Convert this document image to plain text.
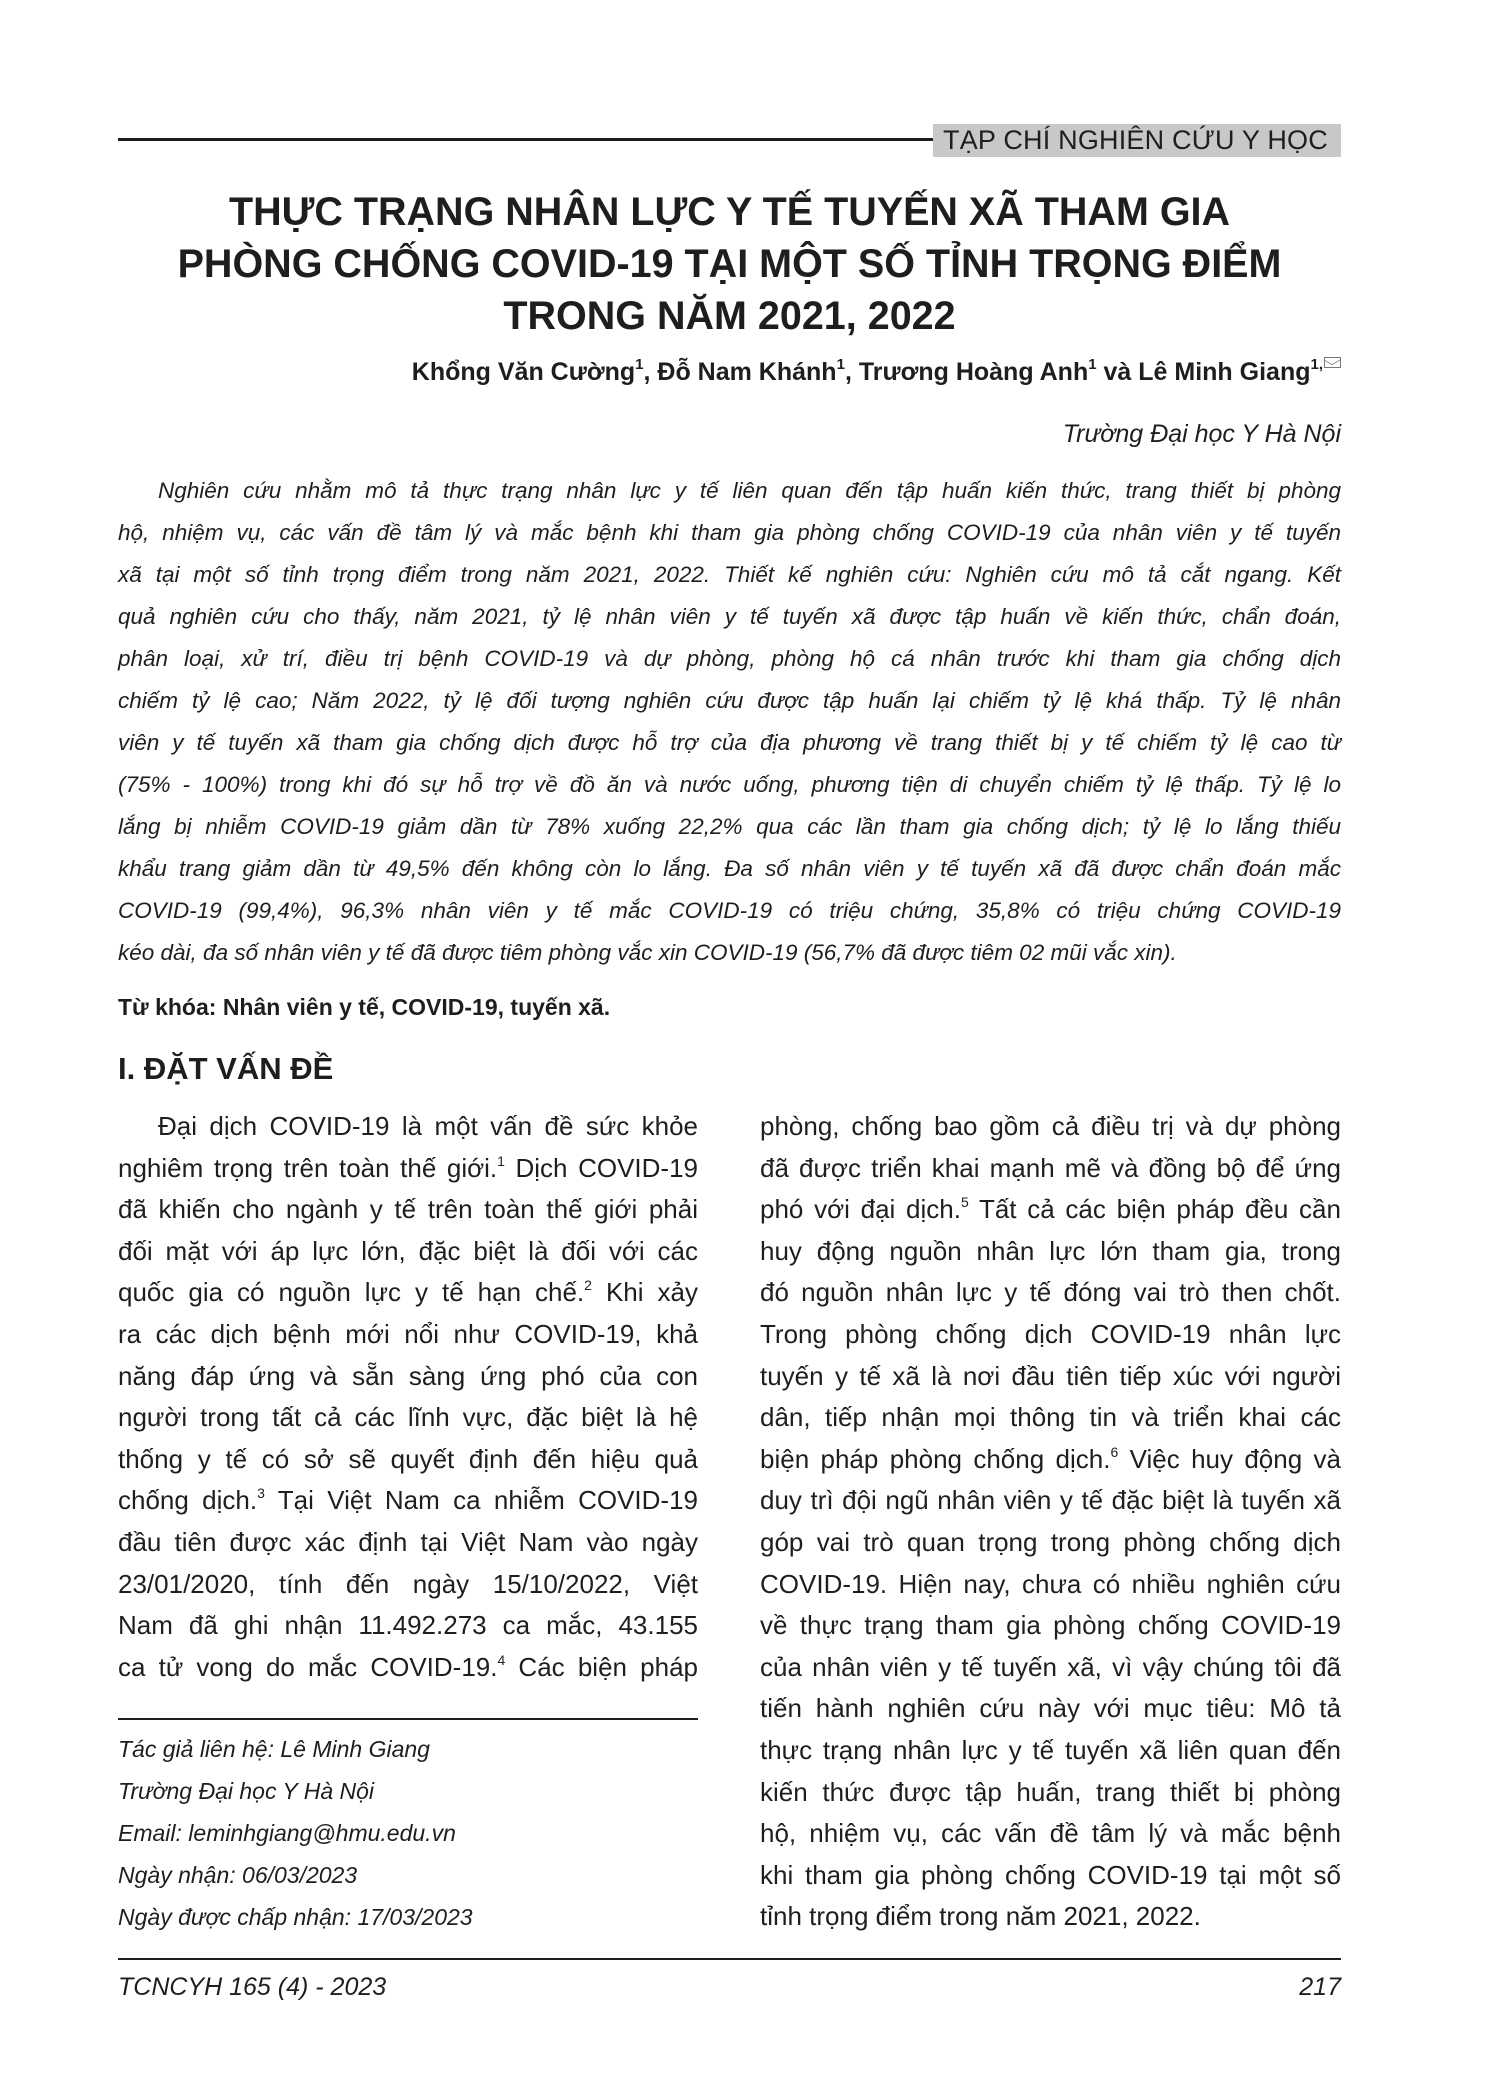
TẠP CHÍ NGHIÊN CỨU Y HỌC
THỰC TRẠNG NHÂN LỰC Y TẾ TUYẾN XÃ THAM GIA
PHÒNG CHỐNG COVID-19 TẠI MỘT SỐ TỈNH TRỌNG ĐIỂM
TRONG NĂM 2021, 2022
Khổng Văn Cường$^1$, Đỗ Nam Khánh$^1$, Trương Hoàng Anh$^1$ và Lê Minh Giang$^{1,}$
Trường Đại học Y Hà Nội
Nghiên cứu nhằm mô tả thực trạng nhân lực y tế liên quan đến tập huấn kiến thức, trang thiết bị phòng
hộ, nhiệm vụ, các vấn đề tâm lý và mắc bệnh khi tham gia phòng chống COVID-19 của nhân viên y tế tuyến
xã tại một số tỉnh trọng điểm trong năm 2021, 2022. Thiết kế nghiên cứu: Nghiên cứu mô tả cắt ngang. Kết
quả nghiên cứu cho thấy, năm 2021, tỷ lệ nhân viên y tế tuyến xã được tập huấn về kiến thức, chẩn đoán,
phân loại, xử trí, điều trị bệnh COVID-19 và dự phòng, phòng hộ cá nhân trước khi tham gia chống dịch
chiếm tỷ lệ cao; Năm 2022, tỷ lệ đối tượng nghiên cứu được tập huấn lại chiếm tỷ lệ khá thấp. Tỷ lệ nhân
viên y tế tuyến xã tham gia chống dịch được hỗ trợ của địa phương về trang thiết bị y tế chiếm tỷ lệ cao từ
(75% - 100%) trong khi đó sự hỗ trợ về đồ ăn và nước uống, phương tiện di chuyển chiếm tỷ lệ thấp. Tỷ lệ lo
lắng bị nhiễm COVID-19 giảm dần từ 78% xuống 22,2% qua các lần tham gia chống dịch; tỷ lệ lo lắng thiếu
khẩu trang giảm dần từ 49,5% đến không còn lo lắng. Đa số nhân viên y tế tuyến xã đã được chẩn đoán mắc
COVID-19 (99,4%), 96,3% nhân viên y tế mắc COVID-19 có triệu chứng, 35,8% có triệu chứng COVID-19
kéo dài, đa số nhân viên y tế đã được tiêm phòng vắc xin COVID-19 (56,7% đã được tiêm 02 mũi vắc xin).
Từ khóa: Nhân viên y tế, COVID-19, tuyến xã.
I. ĐẶT VẤN ĐỀ
Đại dịch COVID-19 là một vấn đề sức khỏe
nghiêm trọng trên toàn thế giới.$^1$ Dịch COVID-19
đã khiến cho ngành y tế trên toàn thế giới phải
đối mặt với áp lực lớn, đặc biệt là đối với các
quốc gia có nguồn lực y tế hạn chế.$^2$ Khi xảy
ra các dịch bệnh mới nổi như COVID-19, khả
năng đáp ứng và sẵn sàng ứng phó của con
người trong tất cả các lĩnh vực, đặc biệt là hệ
thống y tế có sở sẽ quyết định đến hiệu quả
chống dịch.$^3$ Tại Việt Nam ca nhiễm COVID-19
đầu tiên được xác định tại Việt Nam vào ngày
23/01/2020, tính đến ngày 15/10/2022, Việt
Nam đã ghi nhận 11.492.273 ca mắc, 43.155
ca tử vong do mắc COVID-19.$^4$ Các biện pháp
phòng, chống bao gồm cả điều trị và dự phòng
đã được triển khai mạnh mẽ và đồng bộ để ứng
phó với đại dịch.$^5$ Tất cả các biện pháp đều cần
huy động nguồn nhân lực lớn tham gia, trong
đó nguồn nhân lực y tế đóng vai trò then chốt.
Trong phòng chống dịch COVID-19 nhân lực
tuyến y tế xã là nơi đầu tiên tiếp xúc với người
dân, tiếp nhận mọi thông tin và triển khai các
biện pháp phòng chống dịch.$^6$ Việc huy động và
duy trì đội ngũ nhân viên y tế đặc biệt là tuyến xã
góp vai trò quan trọng trong phòng chống dịch
COVID-19. Hiện nay, chưa có nhiều nghiên cứu
về thực trạng tham gia phòng chống COVID-19
của nhân viên y tế tuyến xã, vì vậy chúng tôi đã
tiến hành nghiên cứu này với mục tiêu: Mô tả
thực trạng nhân lực y tế tuyến xã liên quan đến
kiến thức được tập huấn, trang thiết bị phòng
hộ, nhiệm vụ, các vấn đề tâm lý và mắc bệnh
khi tham gia phòng chống COVID-19 tại một số
tỉnh trọng điểm trong năm 2021, 2022.
Tác giả liên hệ: Lê Minh Giang
Trường Đại học Y Hà Nội
Email: leminhgiang@hmu.edu.vn
Ngày nhận: 06/03/2023
Ngày được chấp nhận: 17/03/2023
TCNCYH 165 (4) - 2023	217
